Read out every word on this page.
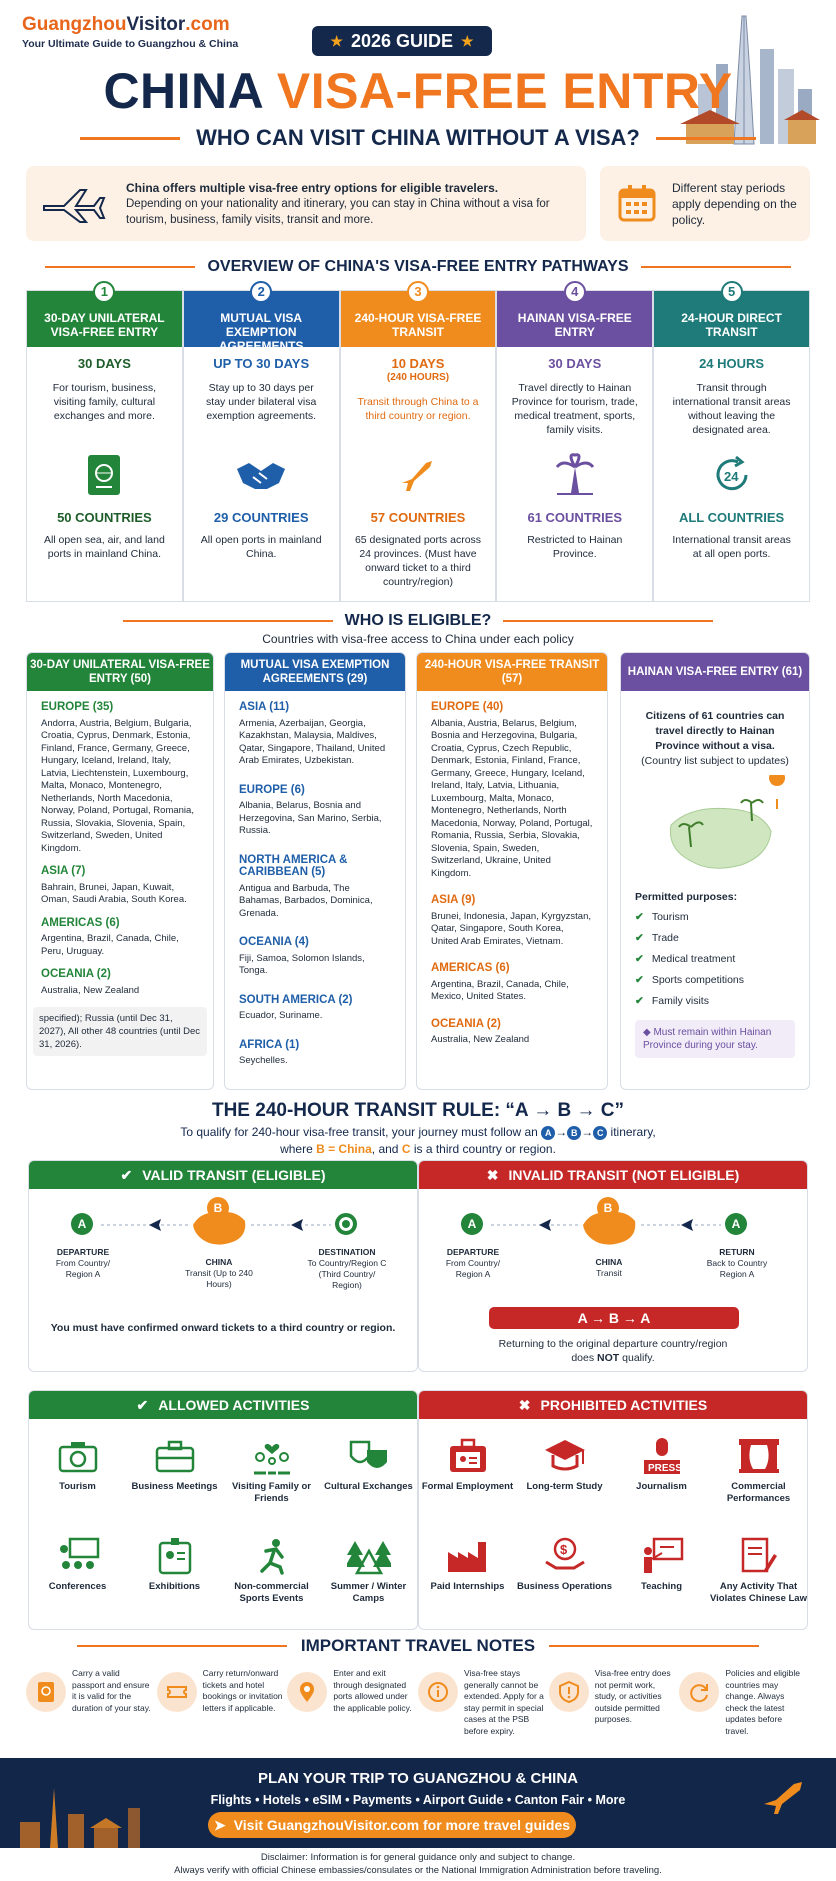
GuangzhouVisitor.com
Your Ultimate Guide to Guangzhou & China	★ 2026 GUIDE ★
CHINA VISA-FREE ENTRY
WHO CAN VISIT CHINA WITHOUT A VISA?
China offers multiple visa-free entry options for eligible travelers.
Depending on your nationality and itinerary, you can stay in China without a visa for tourism, business, family visits, transit and more.
Different stay periods apply depending on the policy.
OVERVIEW OF CHINA'S VISA-FREE ENTRY PATHWAYS
1
30-DAY UNILATERAL VISA-FREE ENTRY
30 DAYS
For tourism, business, visiting family, cultural exchanges and more.
50 COUNTRIES
All open sea, air, and land ports in mainland China.
2
MUTUAL VISA EXEMPTION AGREEMENTS
UP TO 30 DAYS
Stay up to 30 days per stay under bilateral visa exemption agreements.
29 COUNTRIES
All open ports in mainland China.
3
240-HOUR VISA-FREE TRANSIT
10 DAYS
(240 HOURS)
Transit through China to a third country or region.
57 COUNTRIES
65 designated ports across 24 provinces. (Must have onward ticket to a third country/region)
4
HAINAN VISA-FREE ENTRY
30 DAYS
Travel directly to Hainan Province for tourism, trade, medical treatment, sports, family visits.
61 COUNTRIES
Restricted to Hainan Province.
5
24-HOUR DIRECT TRANSIT
24 HOURS
Transit through international transit areas without leaving the designated area.
24
ALL COUNTRIES
International transit areas at all open ports.
WHO IS ELIGIBLE?
Countries with visa-free access to China under each policy
30-DAY UNILATERAL VISA-FREE ENTRY (50)
EUROPE (35)
Andorra, Austria, Belgium, Bulgaria, Croatia, Cyprus, Denmark, Estonia, Finland, France, Germany, Greece, Hungary, Iceland, Ireland, Italy, Latvia, Liechtenstein, Luxembourg, Malta, Monaco, Montenegro, Netherlands, North Macedonia, Norway, Poland, Portugal, Romania, Russia, Slovakia, Slovenia, Spain, Switzerland, Sweden, United Kingdom.
ASIA (7)
Bahrain, Brunei, Japan, Kuwait, Oman, Saudi Arabia, South Korea.
AMERICAS (6)
Argentina, Brazil, Canada, Chile, Peru, Uruguay.
OCEANIA (2)
Australia, New Zealand
specified); Russia (until Dec 31, 2027), All other 48 countries (until Dec 31, 2026).
MUTUAL VISA EXEMPTION AGREEMENTS (29)
ASIA (11)
Armenia, Azerbaijan, Georgia, Kazakhstan, Malaysia, Maldives, Qatar, Singapore, Thailand, United Arab Emirates, Uzbekistan.
EUROPE (6)
Albania, Belarus, Bosnia and Herzegovina, San Marino, Serbia, Russia.
NORTH AMERICA & CARIBBEAN (5)
Antigua and Barbuda, The Bahamas, Barbados, Dominica, Grenada.
OCEANIA (4)
Fiji, Samoa, Solomon Islands, Tonga.
SOUTH AMERICA (2)
Ecuador, Suriname.
AFRICA (1)
Seychelles.
240-HOUR VISA-FREE TRANSIT (57)
EUROPE (40)
Albania, Austria, Belarus, Belgium, Bosnia and Herzegovina, Bulgaria, Croatia, Cyprus, Czech Republic, Denmark, Estonia, Finland, France, Germany, Greece, Hungary, Iceland, Ireland, Italy, Latvia, Lithuania, Luxembourg, Malta, Monaco, Montenegro, Netherlands, North Macedonia, Norway, Poland, Portugal, Romania, Russia, Serbia, Slovakia, Slovenia, Spain, Sweden, Switzerland, Ukraine, United Kingdom.
ASIA (9)
Brunei, Indonesia, Japan, Kyrgyzstan, Qatar, Singapore, South Korea, United Arab Emirates, Vietnam.
AMERICAS (6)
Argentina, Brazil, Canada, Chile, Mexico, United States.
OCEANIA (2)
Australia, New Zealand
HAINAN VISA-FREE ENTRY (61)
Citizens of 61 countries can travel directly to Hainan Province without a visa.
(Country list subject to updates)
Permitted purposes:
✔ Tourism
✔ Trade
✔ Medical treatment
✔ Sports competitions
✔ Family visits
◆ Must remain within Hainan Province during your stay.
THE 240-HOUR TRANSIT RULE: “A → B → C”
To qualify for 240-hour visa-free transit, your journey must follow an A → B → C itinerary,
where B = China, and C is a third country or region.
✔ VALID TRANSIT (ELIGIBLE)
A
B
DEPARTURE
From Country/ Region A
CHINA
Transit (Up to 240 Hours)
DESTINATION
To Country/Region C (Third Country/ Region)
You must have confirmed onward tickets to a third country or region.
✖ INVALID TRANSIT (NOT ELIGIBLE)
A
B
A
DEPARTURE
From Country/ Region A
CHINA
Transit
RETURN
Back to Country Region A
A → B → A
Returning to the original departure country/region
does NOT qualify.
✔ ALLOWED ACTIVITIES
Tourism	Business Meetings	Visiting Family or Friends
Cultural Exchanges
Conferences	Exhibitions	Non-commercial Sports Events
Summer / Winter Camps
✖ PROHIBITED ACTIVITIES
Formal Employment	Long-term Study
PRESS
Journalism	Commercial Performances
Paid Internships
$
Business Operations	Teaching	Any Activity That Violates Chinese Law
IMPORTANT TRAVEL NOTES
Carry a valid passport and ensure it is valid for the duration of your stay.
Carry return/onward tickets and hotel bookings or invitation letters if applicable.
Enter and exit through designated ports allowed under the applicable policy.
Visa-free stays generally cannot be extended. Apply for a stay permit in special cases at the PSB before expiry.
Visa-free entry does not permit work, study, or activities outside permitted purposes.
Policies and eligible countries may change. Always check the latest updates before travel.
PLAN YOUR TRIP TO GUANGZHOU & CHINA
Flights • Hotels • eSIM • Payments • Airport Guide • Canton Fair • More
➤ Visit GuangzhouVisitor.com for more travel guides
Disclaimer: Information is for general guidance only and subject to change.
Always verify with official Chinese embassies/consulates or the National Immigration Administration before traveling.
